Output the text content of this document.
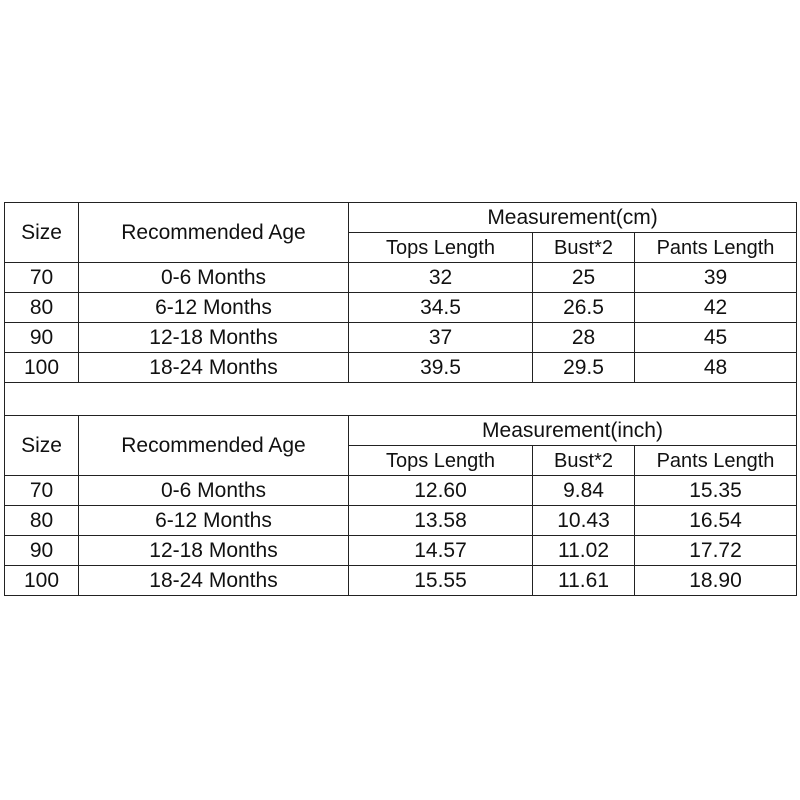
Size	Recommended Age	Measurement(cm)		
		Tops Length	Bust*2	Pants Length
70	0-6 Months	32	25	39
80	6-12 Months	34.5	26.5	42
90	12-18 Months	37	28	45
100	18-24 Months	39.5	29.5	48

Size	Recommended Age	Measurement(inch)		
		Tops Length	Bust*2	Pants Length
70	0-6 Months	12.60	9.84	15.35
80	6-12 Months	13.58	10.43	16.54
90	12-18 Months	14.57	11.02	17.72
100	18-24 Months	15.55	11.61	18.90
